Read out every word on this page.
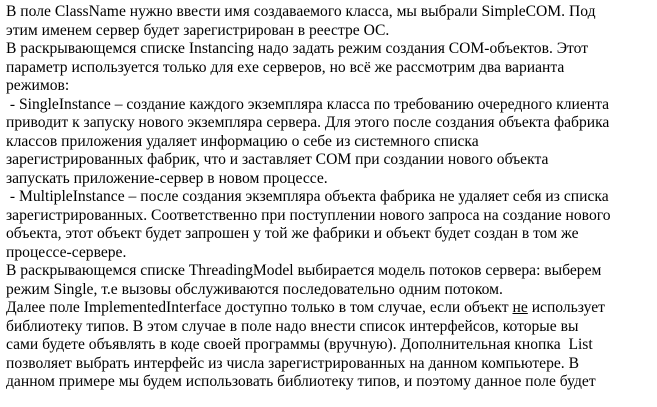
В поле ClassName нужно ввести имя создаваемого класса, мы выбрали SimpleCOM. Под
этим именем сервер будет зарегистрирован в реестре ОС.
В раскрывающемся списке Instancing надо задать режим создания COM-объектов. Этот
параметр используется только для exe серверов, но всё же рассмотрим два варианта
режимов:
- SingleInstance – создание каждого экземпляра класса по требованию очередного клиента
приводит к запуску нового экземпляра сервера. Для этого после создания объекта фабрика
классов приложения удаляет информацию о себе из системного списка
зарегистрированных фабрик, что и заставляет COM при создании нового объекта
запускать приложение-сервер в новом процессе.
- MultipleInstance – после создания экземпляра объекта фабрика не удаляет себя из списка
зарегистрированных. Соответственно при поступлении нового запроса на создание нового
объекта, этот объект будет запрошен у той же фабрики и объект будет создан в том же
процессе-сервере.
В раскрывающемся списке ThreadingModel выбирается модель потоков сервера: выберем
режим Single, т.е вызовы обслуживаются последовательно одним потоком.
Далее поле ImplementedInterface доступно только в том случае, если объект не использует
библиотеку типов. В этом случае в поле надо внести список интерфейсов, которые вы
сами будете объявлять в коде своей программы (вручную). Дополнительная кнопка  List
позволяет выбрать интерфейс из числа зарегистрированных на данном компьютере. В
данном примере мы будем использовать библиотеку типов, и поэтому данное поле будет
